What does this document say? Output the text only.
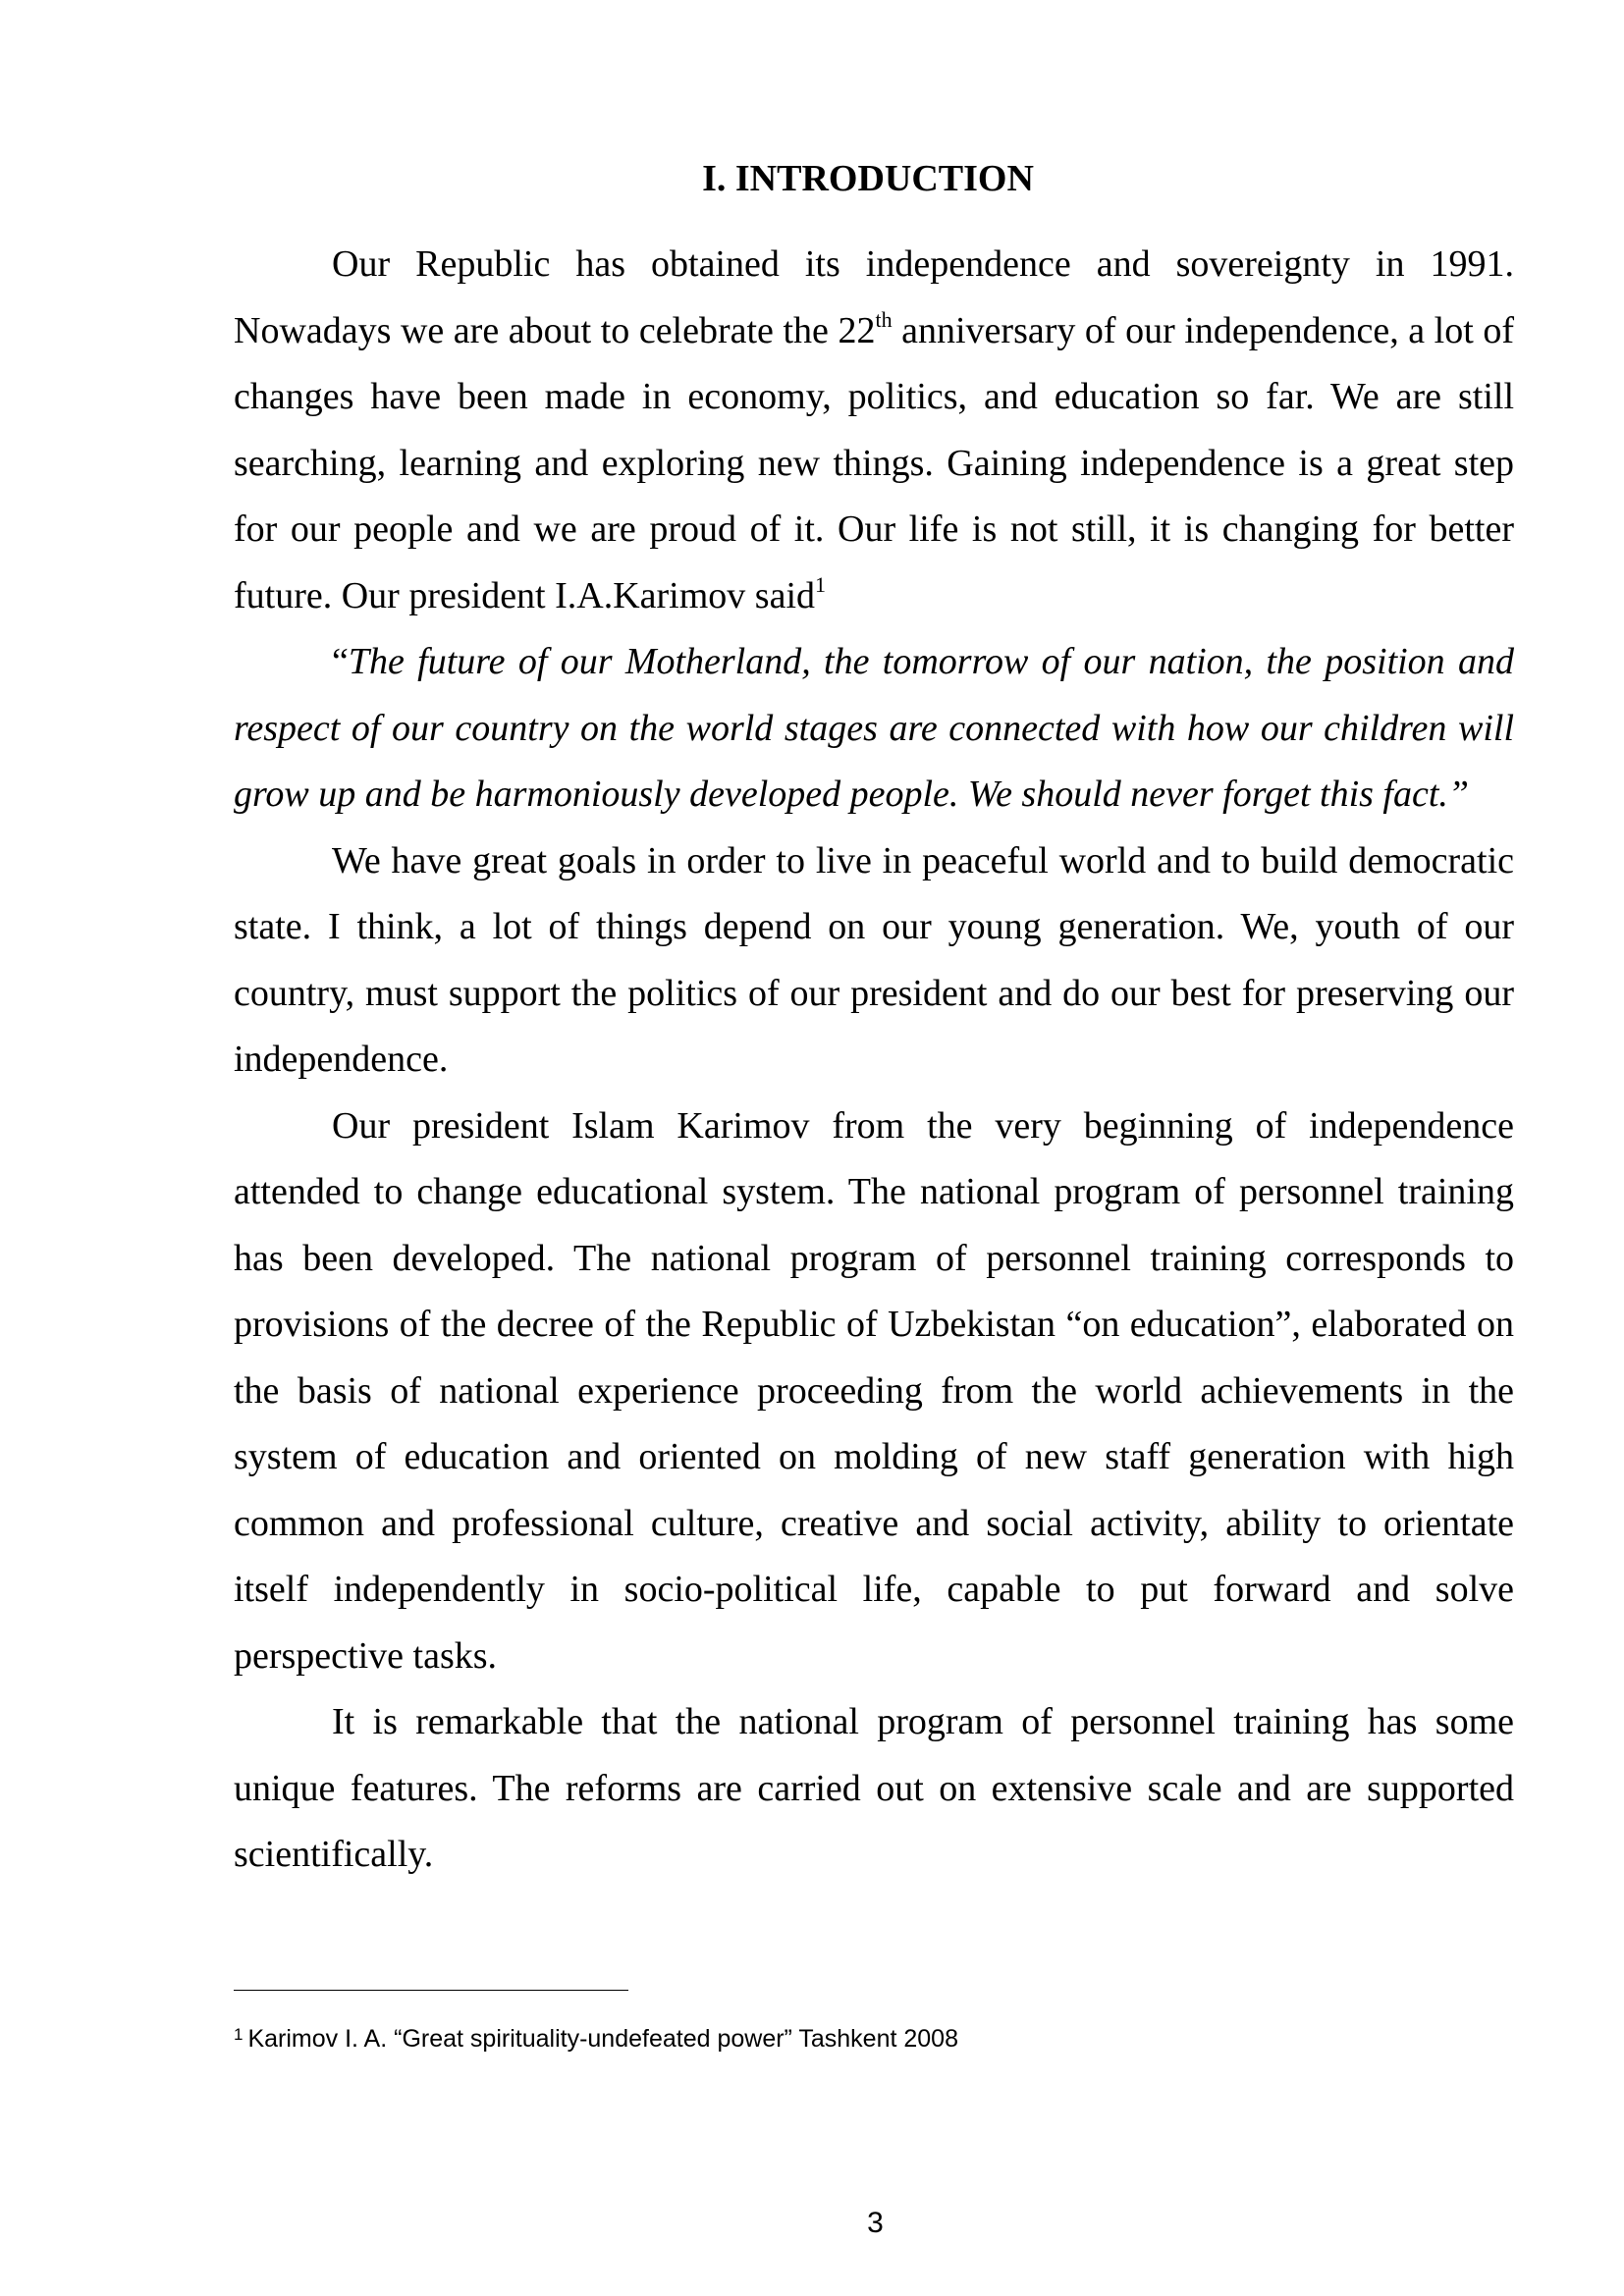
I. INTRODUCTION

Our Republic has obtained its independence and sovereignty in 1991. Nowadays we are about to celebrate the 22th anniversary of our independence, a lot of changes have been made in economy, politics, and education so far. We are still searching, learning and exploring new things. Gaining independence is a great step for our people and we are proud of it. Our life is not still, it is changing for better future. Our president I.A.Karimov said$^1$

“The future of our Motherland, the tomorrow of our nation, the position and respect of our country on the world stages are connected with how our children will grow up and be harmoniously developed people. We should never forget this fact.”

We have great goals in order to live in peaceful world and to build democratic state. I think, a lot of things depend on our young generation. We, youth of our country, must support the politics of our president and do our best for preserving our independence.

Our president Islam Karimov from the very beginning of independence attended to change educational system. The national program of personnel training has been developed. The national program of personnel training corresponds to provisions of the decree of the Republic of Uzbekistan “on education”, elaborated on the basis of national experience proceeding from the world achievements in the system of education and oriented on molding of new staff generation with high common and professional culture, creative and social activity, ability to orientate itself independently in socio-political life, capable to put forward and solve perspective tasks.

It is remarkable that the national program of personnel training has some unique features. The reforms are carried out on extensive scale and are supported scientifically.

$^1$ Karimov I. A. “Great spirituality-undefeated power” Tashkent 2008
3
